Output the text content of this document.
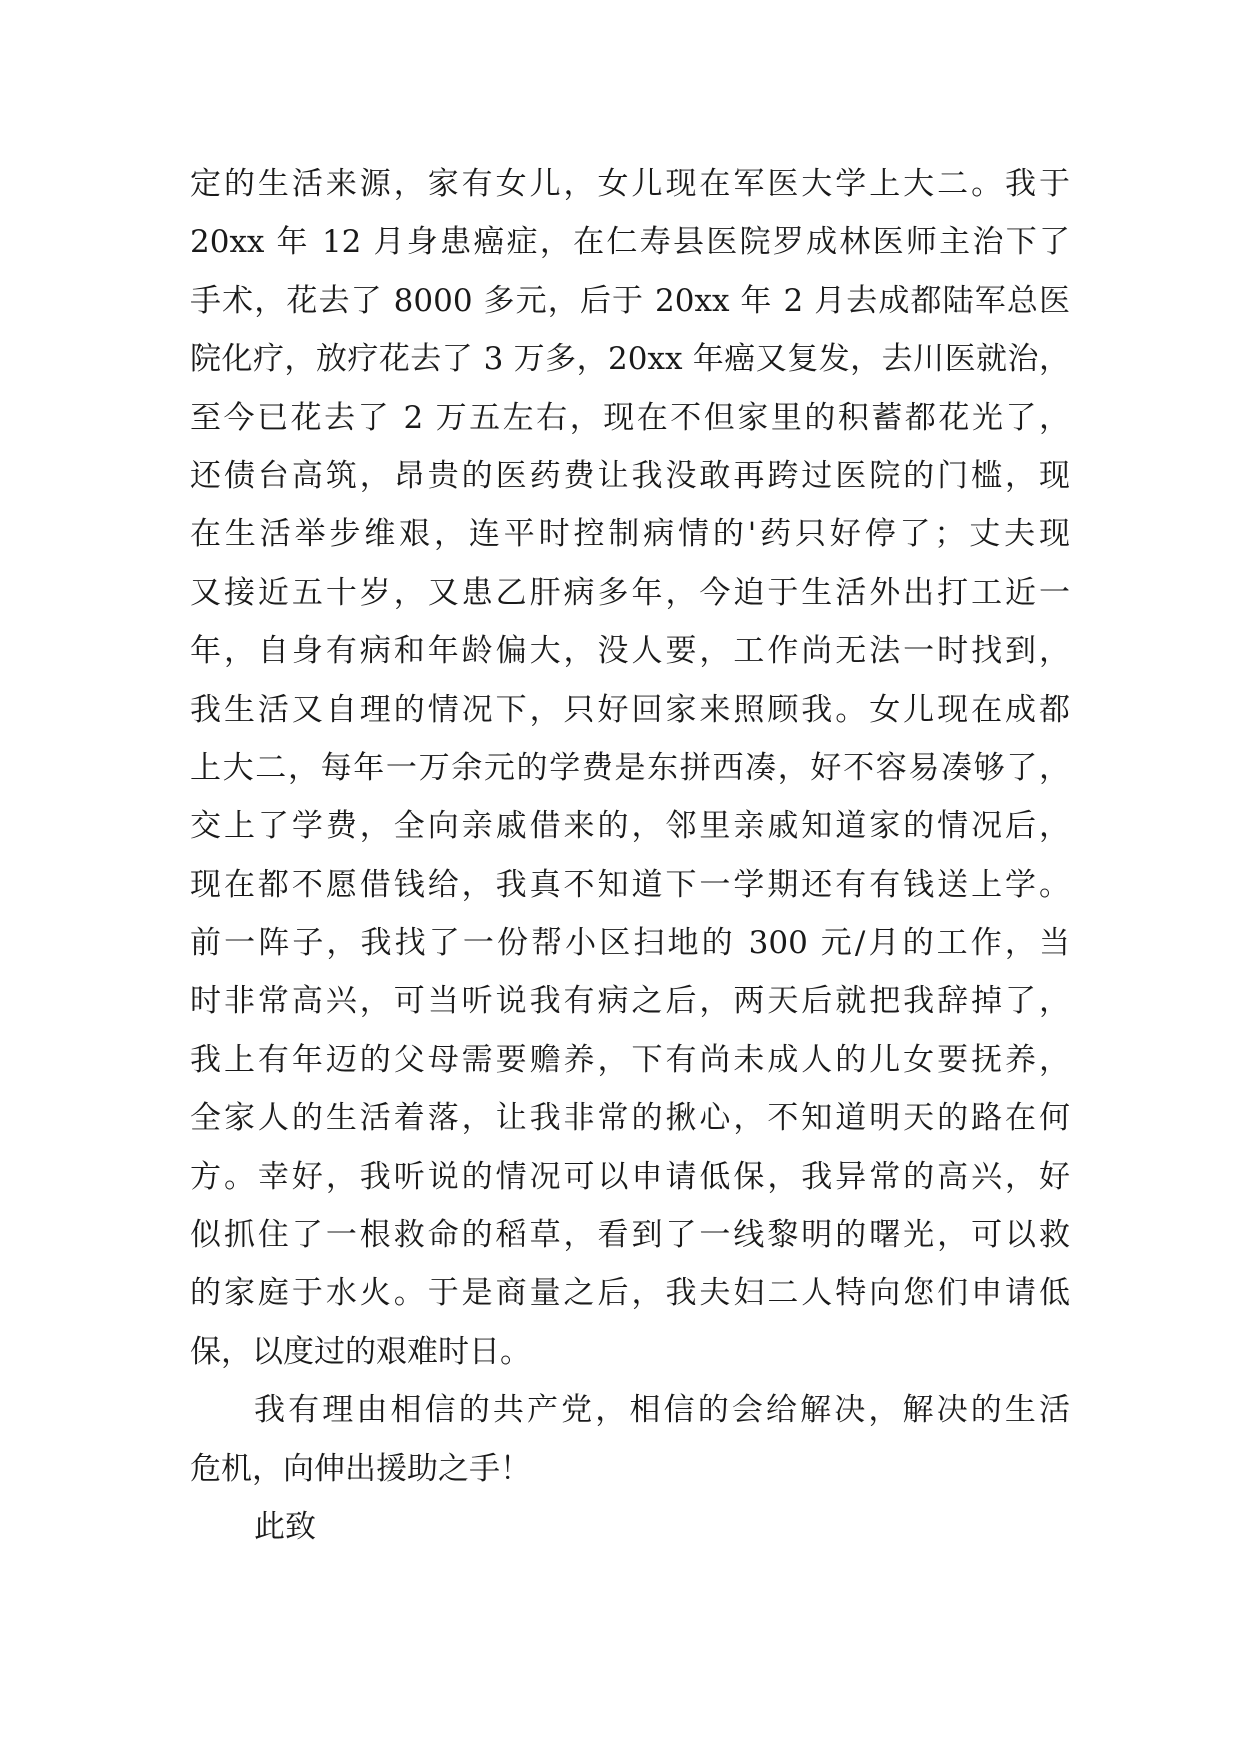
定的生活来源，家有女儿，女儿现在军医大学上大二。我于
20xx 年 12 月身患癌症，在仁寿县医院罗成林医师主治下了
手术，花去了 8000 多元，后于 20xx 年 2 月去成都陆军总医
院化疗，放疗花去了 3 万多，20xx 年癌又复发，去川医就治，
至今已花去了 2 万五左右，现在不但家里的积蓄都花光了，
还债台高筑，昂贵的医药费让我没敢再跨过医院的门槛，现
在生活举步维艰，连平时控制病情的'药只好停了；丈夫现
又接近五十岁，又患乙肝病多年，今迫于生活外出打工近一
年，自身有病和年龄偏大，没人要，工作尚无法一时找到，
我生活又自理的情况下，只好回家来照顾我。女儿现在成都
上大二，每年一万余元的学费是东拼西凑，好不容易凑够了，
交上了学费，全向亲戚借来的，邻里亲戚知道家的情况后，
现在都不愿借钱给，我真不知道下一学期还有有钱送上学。
前一阵子，我找了一份帮小区扫地的 300 元/月的工作，当
时非常高兴，可当听说我有病之后，两天后就把我辞掉了，
我上有年迈的父母需要赡养，下有尚未成人的儿女要抚养，
全家人的生活着落，让我非常的揪心，不知道明天的路在何
方。幸好，我听说的情况可以申请低保，我异常的高兴，好
似抓住了一根救命的稻草，看到了一线黎明的曙光，可以救
的家庭于水火。于是商量之后，我夫妇二人特向您们申请低
保，以度过的艰难时日。
我有理由相信的共产党，相信的会给解决，解决的生活
危机，向伸出援助之手！
此致
